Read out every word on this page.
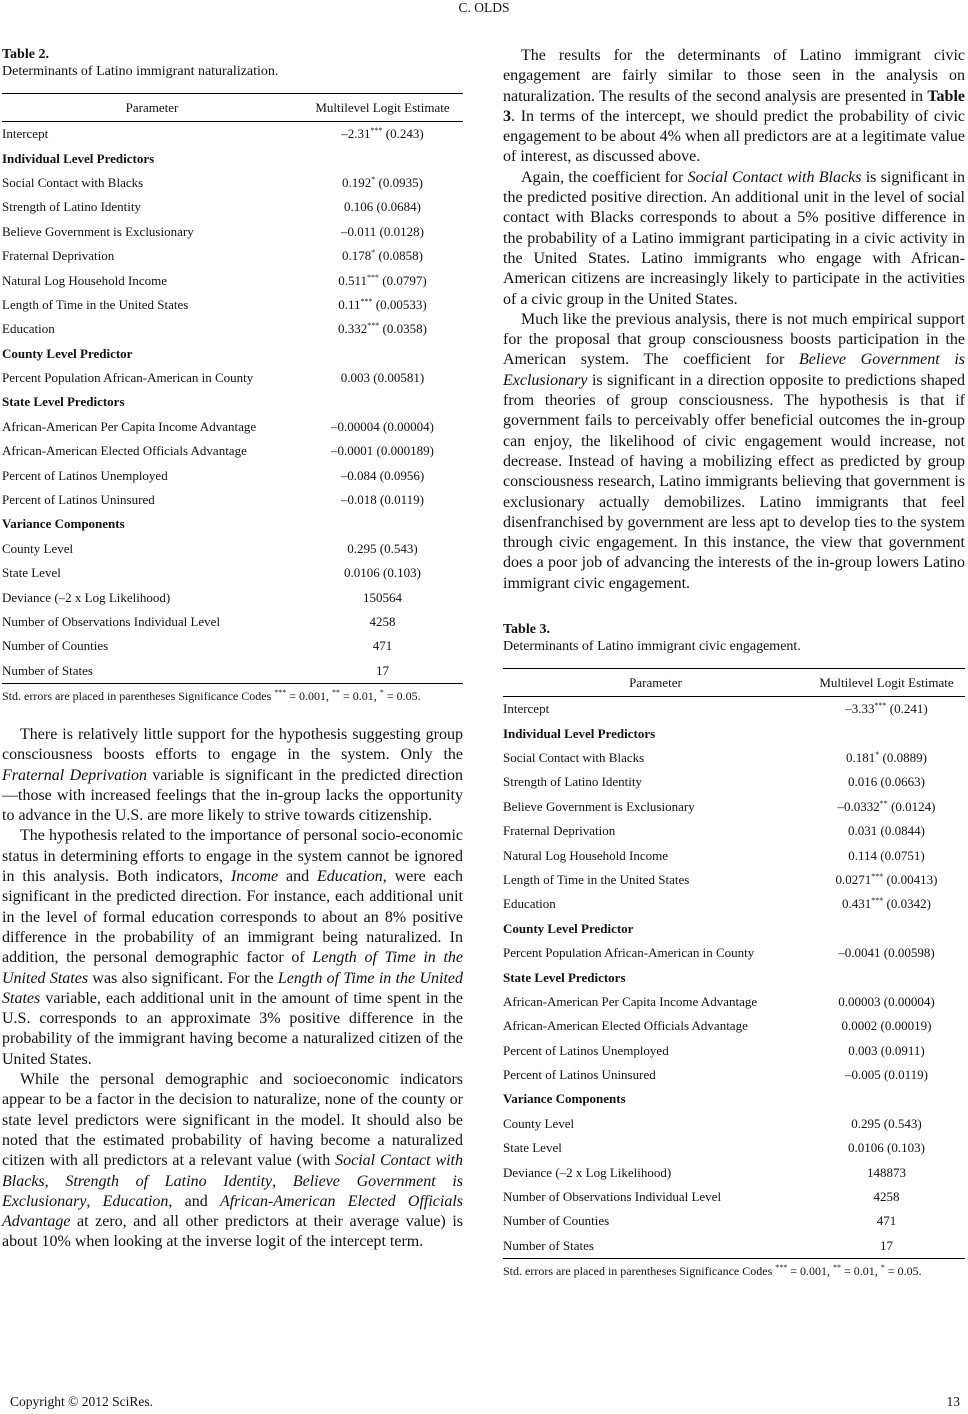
C. OLDS
Table 2.
Determinants of Latino immigrant naturalization.
Parameter	Multilevel Logit Estimate
Intercept	–2.31*** (0.243)
Individual Level Predictors	
Social Contact with Blacks	0.192* (0.0935)
Strength of Latino Identity	0.106 (0.0684)
Believe Government is Exclusionary	–0.011 (0.0128)
Fraternal Deprivation	0.178* (0.0858)
Natural Log Household Income	0.511*** (0.0797)
Length of Time in the United States	0.11*** (0.00533)
Education	0.332*** (0.0358)
County Level Predictor	
Percent Population African-American in County	0.003 (0.00581)
State Level Predictors	
African-American Per Capita Income Advantage	–0.00004 (0.00004)
African-American Elected Officials Advantage	–0.0001 (0.000189)
Percent of Latinos Unemployed	–0.084 (0.0956)
Percent of Latinos Uninsured	–0.018 (0.0119)
Variance Components	
County Level	0.295 (0.543)
State Level	0.0106 (0.103)
Deviance (–2 x Log Likelihood)	150564
Number of Observations Individual Level	4258
Number of Counties	471
Number of States	17
Std. errors are placed in parentheses Significance Codes *** = 0.001, ** = 0.01, * = 0.05.

There is relatively little support for the hypothesis suggesting group consciousness boosts efforts to engage in the system. Only the Fraternal Deprivation variable is significant in the predicted direction—those with increased feelings that the in-group lacks the opportunity to advance in the U.S. are more likely to strive towards citizenship.

The hypothesis related to the importance of personal socio-economic status in determining efforts to engage in the system cannot be ignored in this analysis. Both indicators, Income and Education, were each significant in the predicted direction. For instance, each additional unit in the level of formal education corresponds to about an 8% positive difference in the probability of an immigrant being naturalized. In addition, the personal demographic factor of Length of Time in the United States was also significant. For the Length of Time in the United States variable, each additional unit in the amount of time spent in the U.S. corresponds to an approximate 3% positive difference in the probability of the immigrant having become a naturalized citizen of the United States.

While the personal demographic and socioeconomic indicators appear to be a factor in the decision to naturalize, none of the county or state level predictors were significant in the model. It should also be noted that the estimated probability of having become a naturalized citizen with all predictors at a relevant value (with Social Contact with Blacks, Strength of Latino Identity, Believe Government is Exclusionary, Education, and African-American Elected Officials Advantage at zero, and all other predictors at their average value) is about 10% when looking at the inverse logit of the intercept term.

The results for the determinants of Latino immigrant civic engagement are fairly similar to those seen in the analysis on naturalization. The results of the second analysis are presented in Table 3. In terms of the intercept, we should predict the probability of civic engagement to be about 4% when all predictors are at a legitimate value of interest, as discussed above.

Again, the coefficient for Social Contact with Blacks is significant in the predicted positive direction. An additional unit in the level of social contact with Blacks corresponds to about a 5% positive difference in the probability of a Latino immigrant participating in a civic activity in the United States. Latino immigrants who engage with African-American citizens are increasingly likely to participate in the activities of a civic group in the United States.

Much like the previous analysis, there is not much empirical support for the proposal that group consciousness boosts participation in the American system. The coefficient for Believe Government is Exclusionary is significant in a direction opposite to predictions shaped from theories of group consciousness. The hypothesis is that if government fails to perceivably offer beneficial outcomes the in-group can enjoy, the likelihood of civic engagement would increase, not decrease. Instead of having a mobilizing effect as predicted by group consciousness research, Latino immigrants believing that government is exclusionary actually demobilizes. Latino immigrants that feel disenfranchised by government are less apt to develop ties to the system through civic engagement. In this instance, the view that government does a poor job of advancing the interests of the in-group lowers Latino immigrant civic engagement.

Table 3.
Determinants of Latino immigrant civic engagement.
Parameter	Multilevel Logit Estimate
Intercept	–3.33*** (0.241)
Individual Level Predictors	
Social Contact with Blacks	0.181* (0.0889)
Strength of Latino Identity	0.016 (0.0663)
Believe Government is Exclusionary	–0.0332** (0.0124)
Fraternal Deprivation	0.031 (0.0844)
Natural Log Household Income	0.114 (0.0751)
Length of Time in the United States	0.0271*** (0.00413)
Education	0.431*** (0.0342)
County Level Predictor	
Percent Population African-American in County	–0.0041 (0.00598)
State Level Predictors	
African-American Per Capita Income Advantage	0.00003 (0.00004)
African-American Elected Officials Advantage	0.0002 (0.00019)
Percent of Latinos Unemployed	0.003 (0.0911)
Percent of Latinos Uninsured	–0.005 (0.0119)
Variance Components	
County Level	0.295 (0.543)
State Level	0.0106 (0.103)
Deviance (–2 x Log Likelihood)	148873
Number of Observations Individual Level	4258
Number of Counties	471
Number of States	17
Std. errors are placed in parentheses Significance Codes *** = 0.001, ** = 0.01, * = 0.05.
Copyright © 2012 SciRes.	13
